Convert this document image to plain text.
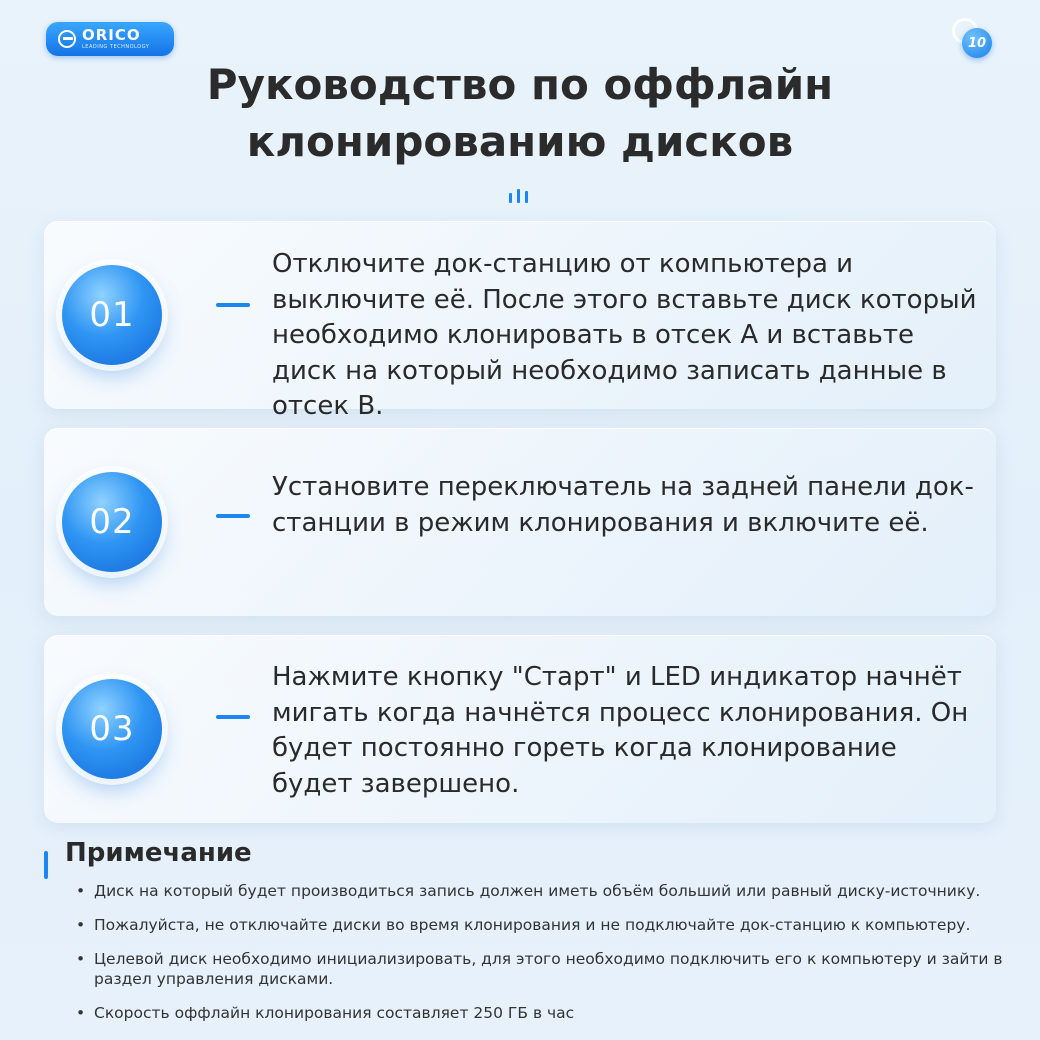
ORICO
LEADING TECHNOLOGY	10
Руководство по оффлайн
клонированию дисков
01

Отключите док-станцию от компьютера и выключите её. После этого вставьте диск который необходимо клонировать в отсек А и вставьте диск на который необходимо записать данные в отсек В.

02

Установите переключатель на задней панели док-станции в режим клонирования и включите её.

03

Нажмите кнопку "Старт" и LED индикатор начнёт мигать когда начнётся процесс клонирования. Он будет постоянно гореть когда клонирование будет завершено.

Примечание
• Диск на который будет производиться запись должен иметь объём больший или равный диску-источнику.
• Пожалуйста, не отключайте диски во время клонирования и не подключайте док-станцию к компьютеру.
• Целевой диск необходимо инициализировать, для этого необходимо подключить его к компьютеру и зайти в раздел управления дисками.
• Скорость оффлайн клонирования составляет 250 ГБ в час
